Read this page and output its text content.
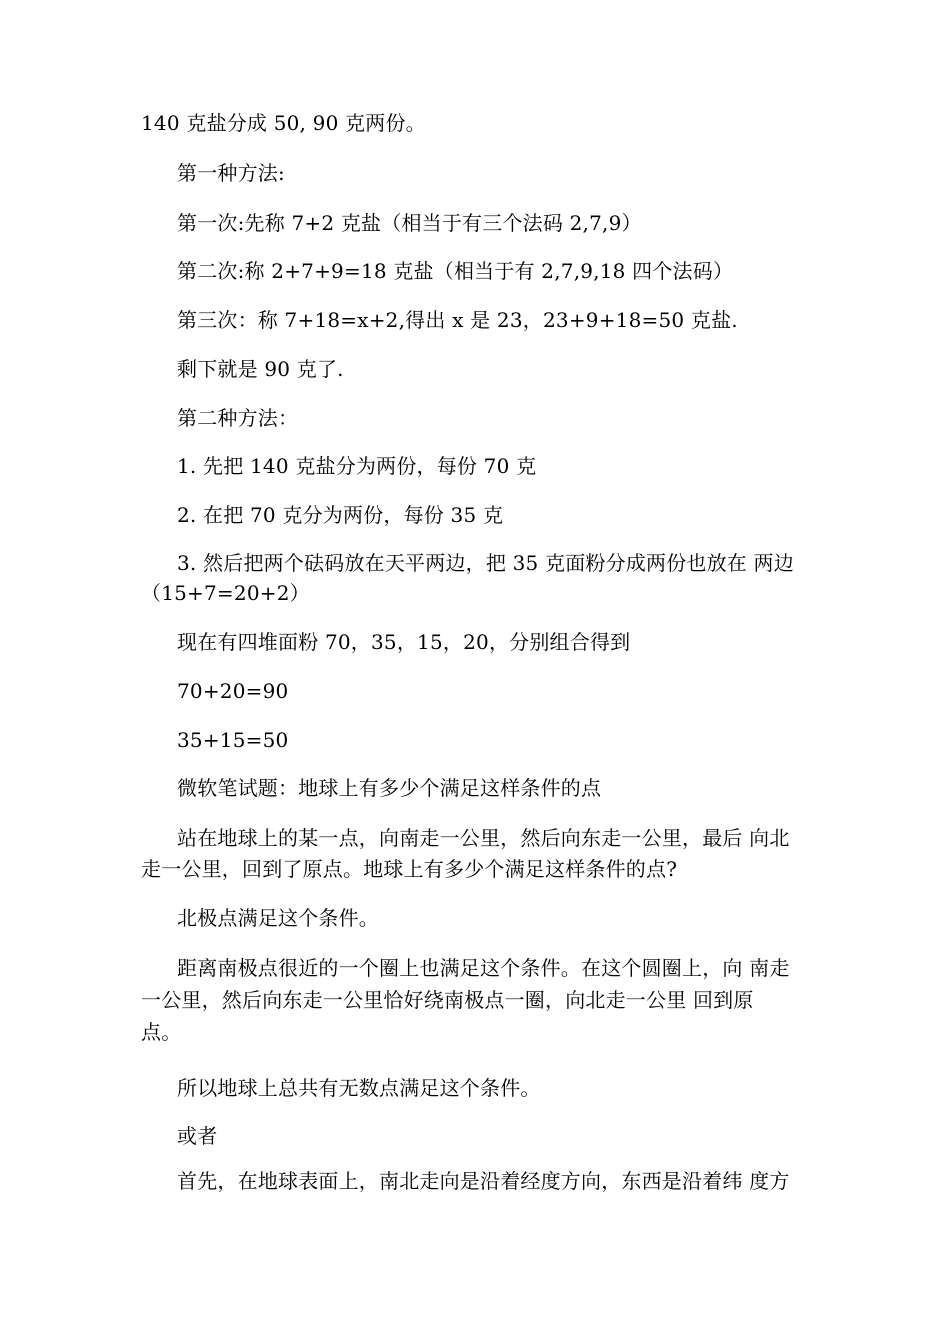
140 克盐分成 50, 90 克两份。
第一种方法:
第一次:先称 7+2 克盐（相当于有三个法码 2,7,9）
第二次:称 2+7+9=18 克盐（相当于有 2,7,9,18 四个法码）
第三次：称 7+18=x+2,得出 x 是 23，23+9+18=50 克盐.
剩下就是 90 克了.
第二种方法：
1. 先把 140 克盐分为两份，每份 70 克
2. 在把 70 克分为两份，每份 35 克
3. 然后把两个砝码放在天平两边，把 35 克面粉分成两份也放在 两边
（15+7=20+2）
现在有四堆面粉 70，35，15，20，分别组合得到
70+20=90
35+15=50
微软笔试题：地球上有多少个满足这样条件的点
站在地球上的某一点，向南走一公里，然后向东走一公里，最后 向北
走一公里，回到了原点。地球上有多少个满足这样条件的点?
北极点满足这个条件。
距离南极点很近的一个圈上也满足这个条件。在这个圆圈上，向 南走
一公里，然后向东走一公里恰好绕南极点一圈，向北走一公里 回到原
点。
所以地球上总共有无数点满足这个条件。
或者
首先，在地球表面上，南北走向是沿着经度方向，东西是沿着纬 度方
